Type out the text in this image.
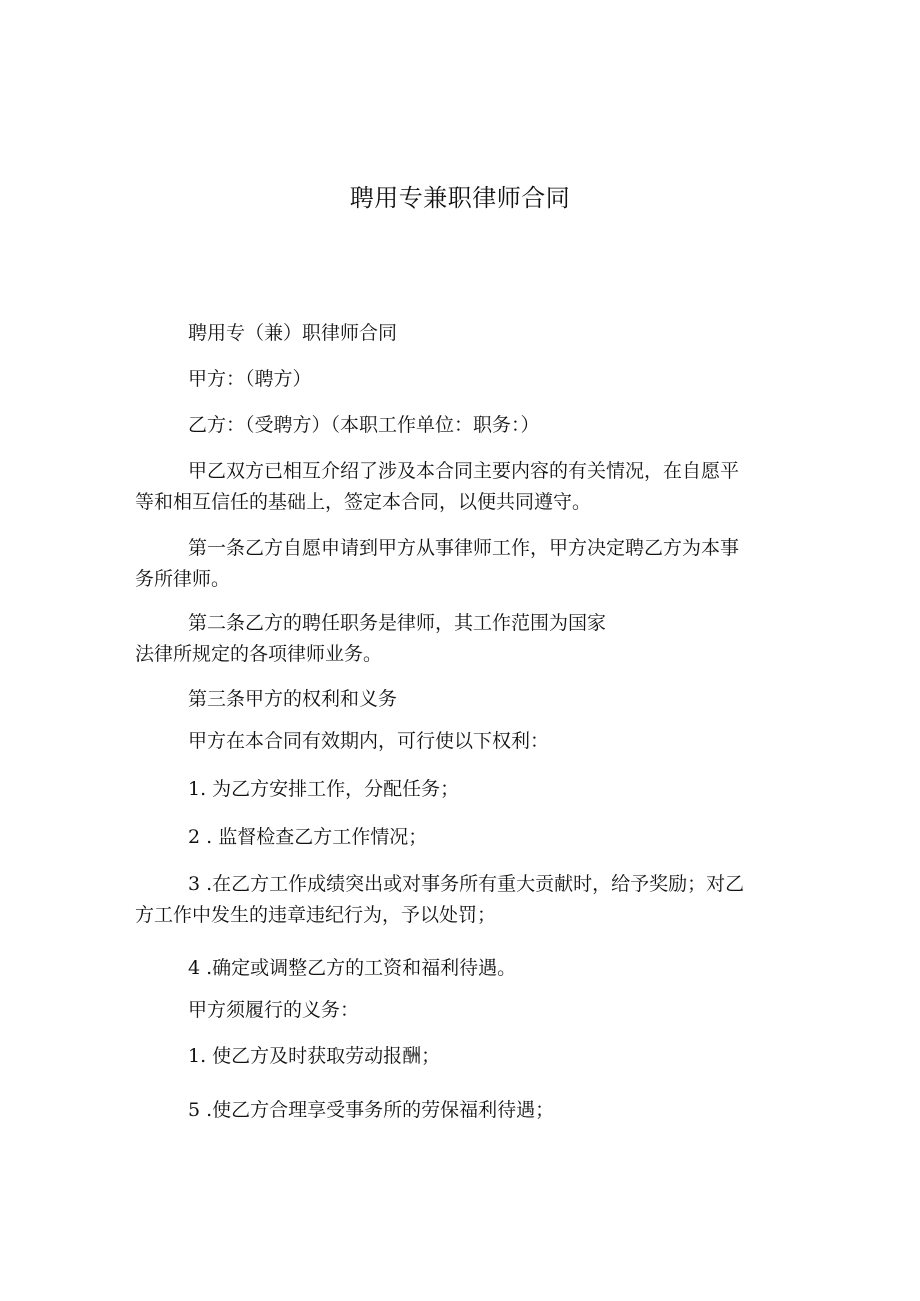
聘用专兼职律师合同
聘用专（兼）职律师合同
甲方：（聘方）
乙方：（受聘方）（本职工作单位：职务：）
甲乙双方已相互介绍了涉及本合同主要内容的有关情况，在自愿平
等和相互信任的基础上，签定本合同，以便共同遵守。
第一条乙方自愿申请到甲方从事律师工作，甲方决定聘乙方为本事
务所律师。
第二条乙方的聘任职务是律师，其工作范围为国家
法律所规定的各项律师业务。
第三条甲方的权利和义务
甲方在本合同有效期内，可行使以下权利：
1. 为乙方安排工作，分配任务；
2 . 监督检查乙方工作情况；
3 .在乙方工作成绩突出或对事务所有重大贡献时，给予奖励；对乙
方工作中发生的违章违纪行为，予以处罚；
4 .确定或调整乙方的工资和福利待遇。
甲方须履行的义务：
1. 使乙方及时获取劳动报酬；
5 .使乙方合理享受事务所的劳保福利待遇；
